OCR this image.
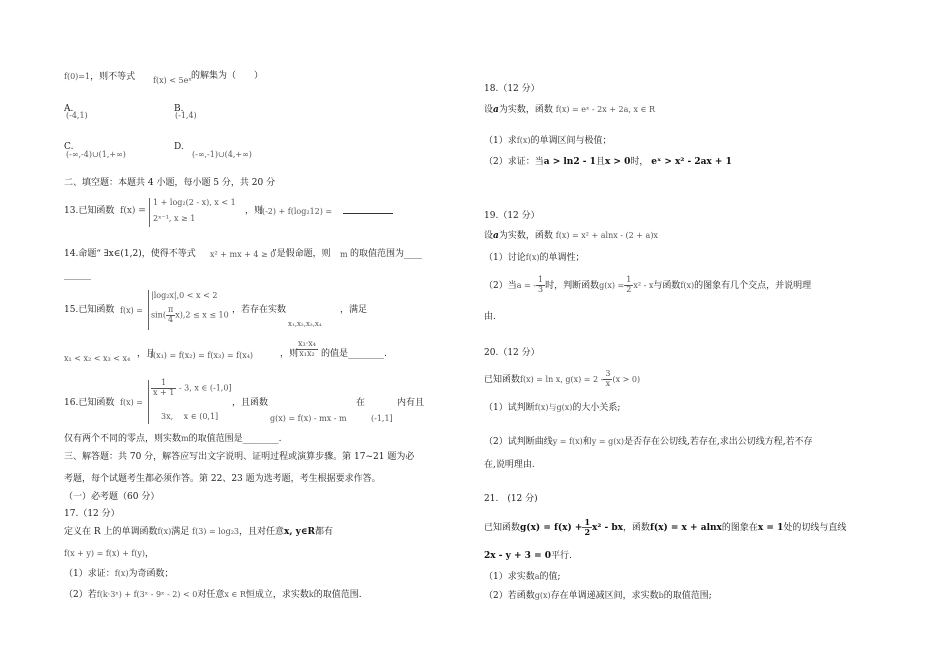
f(0)=1，则不等式 f(x) < 5eˣ 的解集为（　　）
A.
(-4,1)
B.
(-1,4)
C.
(-∞,-4)∪(1,+∞)
D.
(-∞,-1)∪(4,+∞)
二、填空题：本题共 4 小题，每小题 5 分，共 20 分
13.已知函数 f(x) =
1 + log₂(2 - x), x < 1
2ˣ⁻¹, x ≥ 1
，则
f(-2) + f(log₂12) =
14.命题“ ∃x∈(1,2)，使得不等式 x² + mx + 4 ≥ 0
”是假命题，则 m 的取值范围为____
______
15.已知函数 f(x) =
|log₂x|,0 < x < 2
$\sin( \frac{\pi}{4} x),2 \le x \le 10$ ，若存在实数
x₁,x₂,x₃,x₄
，满足
x₁ < x₂ < x₃ < x₄ ，且
f(x₁) = f(x₂) = f(x₃) = f(x₄)	，则
$\frac{\text{x₃·x₄}}{\text{x₁x₂}}$ 的值是________.
16.已知函数 f(x) =
$\frac{1}{x + 1} - 3$, x ∈ (-1,0]
3x,　 x ∈ (0,1]
，且函数
g(x) = f(x) - mx - m
在
(-1,1]
内有且
仅有两个不同的零点，则实数m的取值范围是________.
三、解答题：共 70 分，解答应写出文字说明、证明过程或演算步骤。第 17~21 题为必
考题，每个试题考生都必须作答。第 22、23 题为选考题，考生根据要求作答。
（一）必考题（60 分）
17.（12 分）
定义在 R 上的单调函数f(x)满足 f(3) = log₂3，且对任意x, y∈R都有
f(x + y) = f(x) + f(y)，
（1）求证：f(x)为奇函数；
（2）若f(k·3ˣ) + f(3ˣ - 9ˣ - 2) < 0对任意x ∈ R恒成立，求实数k的取值范围.
18.（12 分）
设a为实数，函数 f(x) = eˣ - 2x + 2a, x ∈ R
（1）求f(x)的单调区间与极值；
（2）求证：当a > ln2 - 1且x > 0时， eˣ > x² - 2ax + 1
19.（12 分）
设a为实数，函数 f(x) = x² + alnx - (2 + a)x
（1）讨论f(x)的单调性；
（2）当a = - $\frac{1}{3}$ 时，判断函数$g(x) = \frac{1}{2} x^2 - x$与函数f(x)的图象有几个交点，并说明理
由.
20.（12 分）
已知函数f(x) = ln x, $g(x) = 2 - \frac{3}{x} (x > 0)$
（1）试判断f(x)与g(x)的大小关系;
（2）试判断曲线y = f(x)和y = g(x)是否存在公切线,若存在,求出公切线方程,若不存
在,说明理由.
21.　(12 分)
已知函数$g(x) = f(x) + \frac{1}{2} x^2$ - bx，函数f(x) = x + alnx的图象在x = 1处的切线与直线
2x - y + 3 = 0平行.
（1）求实数a的值;
（2）若函数g(x)存在单调递减区间，求实数b的取值范围;
